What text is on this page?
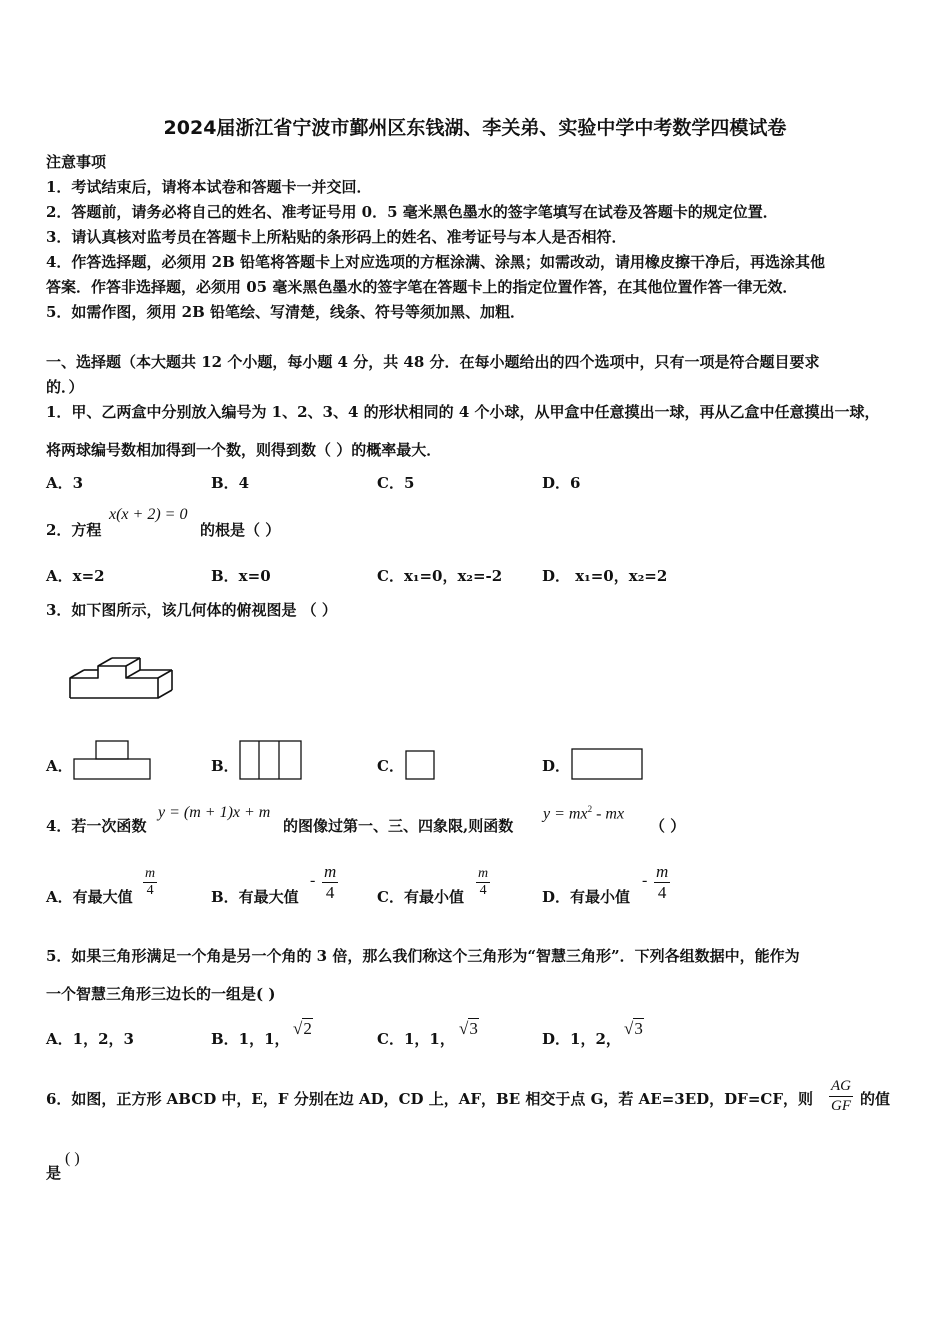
2024届浙江省宁波市鄞州区东钱湖、李关弟、实验中学中考数学四模试卷
注意事项
1．考试结束后，请将本试卷和答题卡一并交回．
2．答题前，请务必将自己的姓名、准考证号用 0．5 毫米黑色墨水的签字笔填写在试卷及答题卡的规定位置．
3．请认真核对监考员在答题卡上所粘贴的条形码上的姓名、准考证号与本人是否相符．
4．作答选择题，必须用 2B 铅笔将答题卡上对应选项的方框涂满、涂黑；如需改动，请用橡皮擦干净后，再选涂其他
答案．作答非选择题，必须用 05 毫米黑色墨水的签字笔在答题卡上的指定位置作答，在其他位置作答一律无效．
5．如需作图，须用 2B 铅笔绘、写清楚，线条、符号等须加黑、加粗．
一、选择题（本大题共 12 个小题，每小题 4 分，共 48 分．在每小题给出的四个选项中，只有一项是符合题目要求
的．）
1．甲、乙两盒中分别放入编号为 1、2、3、4 的形状相同的 4 个小球，从甲盒中任意摸出一球，再从乙盒中任意摸出一球，
将两球编号数相加得到一个数，则得到数（ ）的概率最大．
A．3	B．4	C．5	D．6
2．方程
x(x + 2) = 0
的根是（ ）
A．x=2	B．x=0	C．x₁=0，x₂=-2	D． x₁=0，x₂=2
3．如下图所示，该几何体的俯视图是 （ ）
A．	B．	C．	D．
4．若一次函数
y = (m + 1)x + m
的图像过第一、三、四象限,则函数
$y = mx^2$ - mx
（ ）
A．有最大值 $\frac{m}{4}$	B．有最大值
- $\frac{m}{4}$	C．有最小值 $\frac{m}{4}$	D．有最小值
- $\frac{m}{4}$
5．如果三角形满足一个角是另一个角的 3 倍，那么我们称这个三角形为“智慧三角形”．下列各组数据中，能作为
一个智慧三角形三边长的一组是( )
A．1，2，3	B．1，1，
√2
C．1，1，
√3
D．1，2，
√3
6．如图，正方形 ABCD 中，E，F 分别在边 AD，CD 上，AF，BE 相交于点 G，若 AE=3ED，DF=CF，则 $\frac{AG}{GF}$ 的值
是
( )
